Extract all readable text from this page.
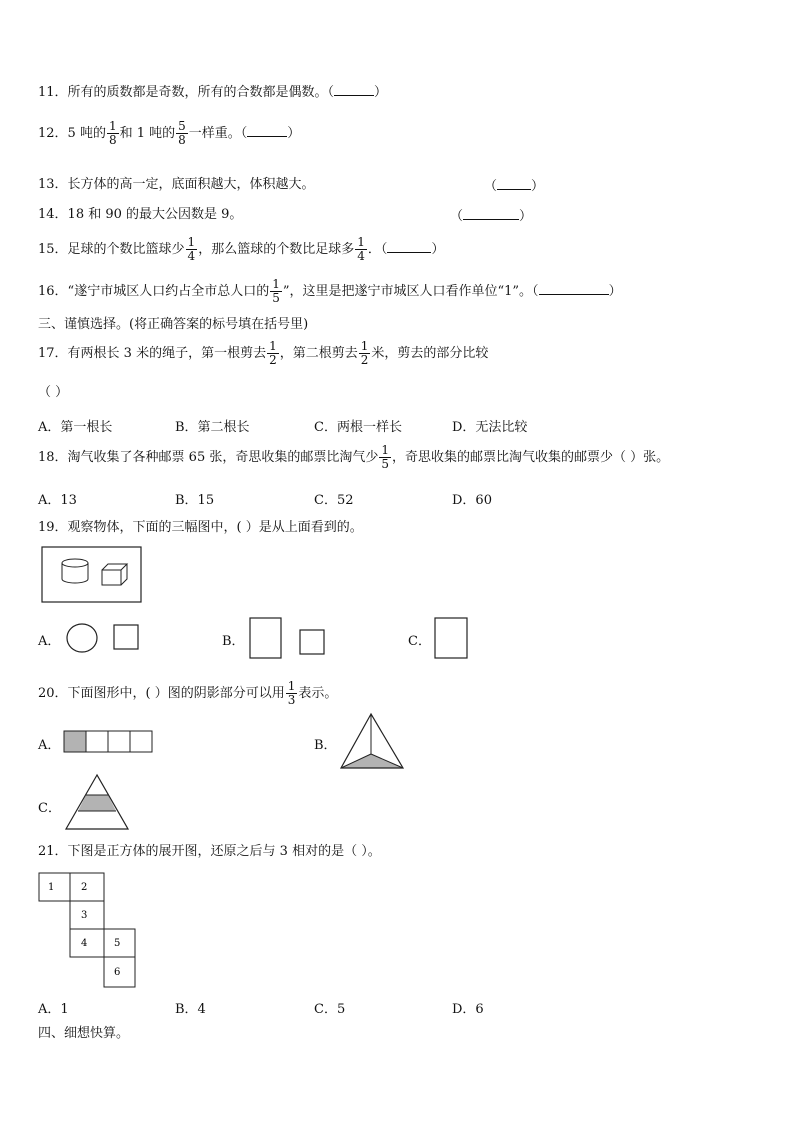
11．所有的质数都是奇数，所有的合数都是偶数。（	）
12．5 吨的 $\frac{1}{8}$ 和 1 吨的 $\frac{5}{8}$ 一样重。（	）
13．长方体的高一定，底面积越大，体积越大。	（	）
14．18 和 90 的最大公因数是 9。	（	）
15．足球的个数比篮球少 $\frac{1}{4}$ ，那么篮球的个数比足球多 $\frac{1}{4}$ ．（	）
16．“遂宁市城区人口约占全市总人口的 $\frac{1}{5}$ ”，这里是把遂宁市城区人口看作单位“1”。（	）
三、谨慎选择。(将正确答案的标号填在括号里)
17．有两根长 3 米的绳子，第一根剪去 $\frac{1}{2}$ ，第二根剪去 $\frac{1}{2}$ 米，剪去的部分比较
（ ）
A．第一根长	B．第二根长	C．两根一样长	D．无法比较
18．淘气收集了各种邮票 65 张，奇思收集的邮票比淘气少 $\frac{1}{5}$ ，奇思收集的邮票比淘气收集的邮票少（ ）张。
A．13	B．15	C．52	D．60
19．观察物体，下面的三幅图中，( ）是从上面看到的。
A．	B．	C．
20．下面图形中，( ）图的阴影部分可以用 $\frac{1}{3}$ 表示。
A．	B．
C．
21．下图是正方体的展开图，还原之后与 3 相对的是（ ）。
1	2
3
4	5
6
A．1	B．4	C．5	D．6
四、细想快算。
